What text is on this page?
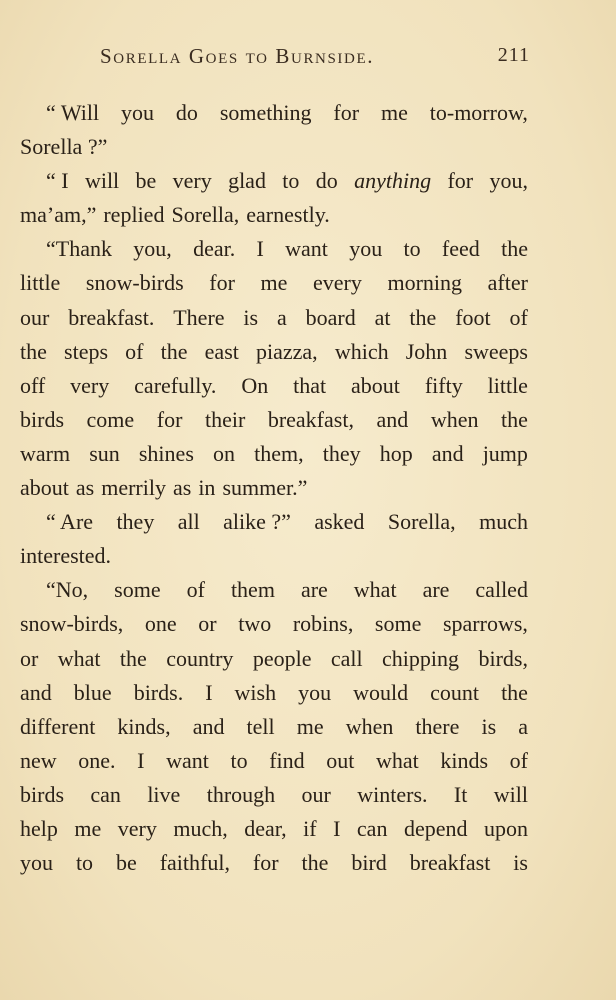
Sorella Goes to Burnside.	211
“ Will you do something for me to-morrow,
Sorella ?”
“ I will be very glad to do anything for you,
ma’am,” replied Sorella, earnestly.
“Thank you, dear. I want you to feed the
little snow-birds for me every morning after
our breakfast. There is a board at the foot of
the steps of the east piazza, which John sweeps
off very carefully. On that about fifty little
birds come for their breakfast, and when the
warm sun shines on them, they hop and jump
about as merrily as in summer.”
“ Are they all alike ?” asked Sorella, much
interested.
“No, some of them are what are called
snow-birds, one or two robins, some sparrows,
or what the country people call chipping birds,
and blue birds. I wish you would count the
different kinds, and tell me when there is a
new one. I want to find out what kinds of
birds can live through our winters. It will
help me very much, dear, if I can depend upon
you to be faithful, for the bird breakfast is
